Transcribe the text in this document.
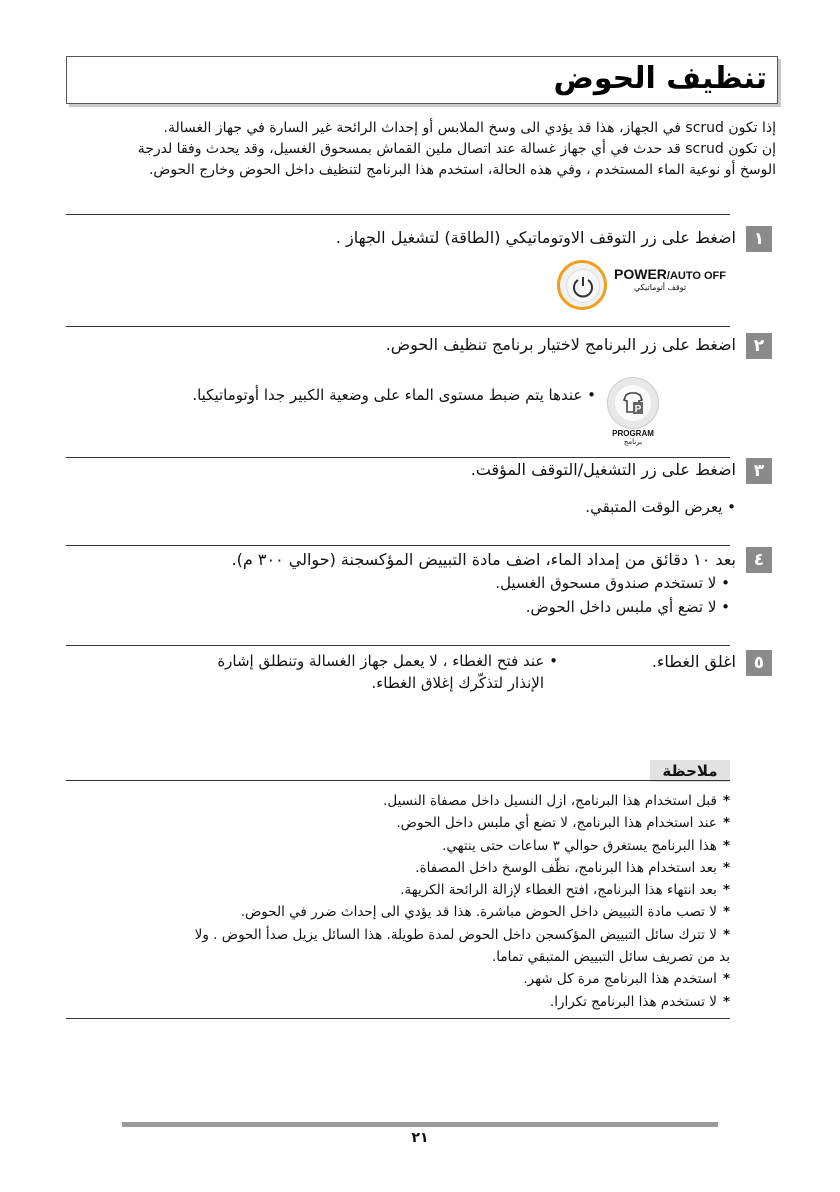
تنظيف الحوض

إذا تكون scrud في الجهاز، هذا قد يؤدي الى وسخ الملابس أو إحداث الرائحة غير السارة في جهاز الغسالة.

إن تكون scrud قد حدث في أي جهاز غسالة عند اتصال ملين القماش بمسحوق الغسيل، وقد يحدث وفقا لدرجة

الوسخ أو نوعية الماء المستخدم ، وفي هذه الحالة، استخدم هذا البرنامج لتنظيف داخل الحوض وخارج الحوض.

١
اضغط على زر التوقف الاوتوماتيكي (الطاقة) لتشغيل الجهاز .
POWER/AUTO OFF
توقف أتوماتيكي
٢
اضغط على زر البرنامج لاختيار برنامج تنظيف الحوض.
• عندها يتم ضبط مستوى الماء على وضعية الكبير جدا أوتوماتيكيا.
P
PROGRAM
برنامج
٣
اضغط على زر التشغيل/التوقف المؤقت.
• يعرض الوقت المتبقي.
٤
بعد ١٠ دقائق من إمداد الماء، اضف مادة التبييض المؤكسجنة (حوالي ٣٠٠ م).
• لا تستخدم صندوق مسحوق الغسيل.
• لا تضع أي ملبس داخل الحوض.
٥
اغلق الغطاء.
• عند فتح الغطاء ، لا يعمل جهاز الغسالة وتنطلق إشارة
الإنذار لتذكّرك إغلاق الغطاء.
ملاحظة
*قبل استخدام هذا البرنامج، ازل النسيل داخل مصفاة النسيل.
*عند استخدام هذا البرنامج، لا تضع أي ملبس داخل الحوض.
*هذا البرنامج يستغرق حوالي ٣ ساعات حتى ينتهي.
*بعد استخدام هذا البرنامج، نظّف الوسخ داخل المصفاة.
*بعد انتهاء هذا البرنامج، افتح الغطاء لإزالة الرائحة الكريهة.
*لا تصب مادة التبييض داخل الحوض مباشرة. هذا قد يؤدي الى إحداث ضرر في الحوض.
*لا تترك سائل التبييض المؤكسجن داخل الحوض لمدة طويلة. هذا السائل يزيل صدأ الحوض . ولا
بد من تصريف سائل التبييض المتبقي تماما.
*استخدم هذا البرنامج مرة كل شهر.
*لا تستخدم هذا البرنامج تكرارا.
٢١
